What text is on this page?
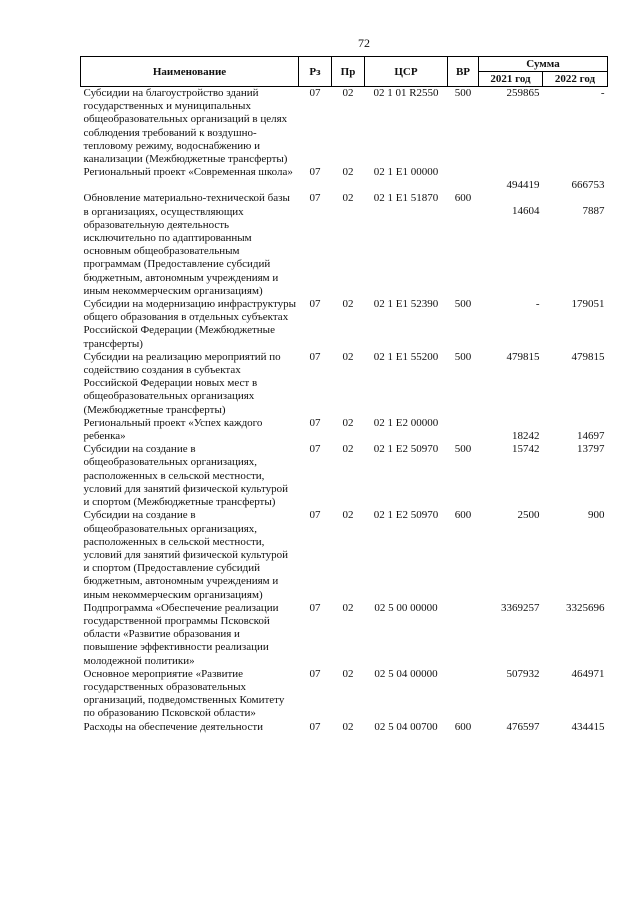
72
Наименование	Рз	Пр	ЦСР	ВР	Сумма	
					2021 год	2022 год
Субсидии на благоустройство зданий государственных и муниципальных общеобразовательных организаций в целях соблюдения требований к воздушно-тепловому режиму, водоснабжению и канализации (Межбюджетные трансферты)	07	02	02 1 01 R2550	500	259865	-
Региональный проект «Современная школа»	07	02	02 1 E1 00000		494419	666753
Обновление материально-технической базы в организациях, осуществляющих образовательную деятельность исключительно по адаптированным основным общеобразовательным программам (Предоставление субсидий бюджетным, автономным учреждениям и иным некоммерческим организациям)	07	02	02 1 E1 51870	600	14604	7887
Субсидии на модернизацию инфраструктуры общего образования в отдельных субъектах Российской Федерации (Межбюджетные трансферты)	07	02	02 1 E1 52390	500	-	179051
Субсидии на реализацию мероприятий по содействию создания в субъектах Российской Федерации новых мест в общеобразовательных организациях (Межбюджетные трансферты)	07	02	02 1 E1 55200	500	479815	479815
Региональный проект «Успех каждого ребенка»	07	02	02 1 E2 00000		18242	14697
Субсидии на создание в общеобразовательных организациях, расположенных в сельской местности, условий для занятий физической культурой и спортом (Межбюджетные трансферты)	07	02	02 1 E2 50970	500	15742	13797
Субсидии на создание в общеобразовательных организациях, расположенных в сельской местности, условий для занятий физической культурой и спортом (Предоставление субсидий бюджетным, автономным учреждениям и иным некоммерческим организациям)	07	02	02 1 E2 50970	600	2500	900
Подпрограмма «Обеспечение реализации государственной программы Псковской области «Развитие образования и повышение эффективности реализации молодежной политики»	07	02	02 5 00 00000		3369257	3325696
Основное мероприятие «Развитие государственных образовательных организаций, подведомственных Комитету по образованию Псковской области»	07	02	02 5 04 00000		507932	464971
Расходы на обеспечение деятельности	07	02	02 5 04 00700	600	476597	434415
